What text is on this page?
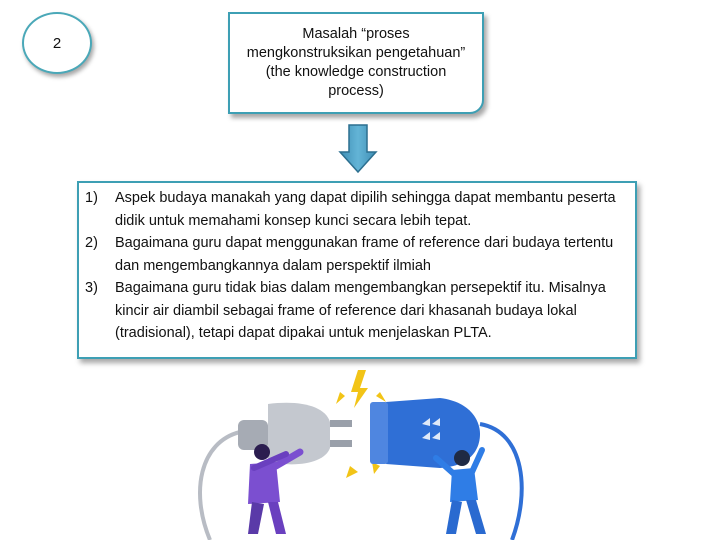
2
Masalah “proses mengkonstruksikan pengetahuan” (the knowledge construction process)
1) Aspek budaya manakah yang dapat dipilih sehingga dapat membantu peserta didik untuk memahami konsep kunci secara lebih tepat.
2) Bagaimana guru dapat menggunakan frame of reference dari budaya tertentu dan mengembangkannya dalam perspektif ilmiah
3) Bagaimana guru tidak bias dalam mengembangkan persepektif itu. Misalnya kincir air diambil sebagai frame of reference dari khasanah budaya lokal (tradisional), tetapi dapat dipakai untuk menjelaskan PLTA.
